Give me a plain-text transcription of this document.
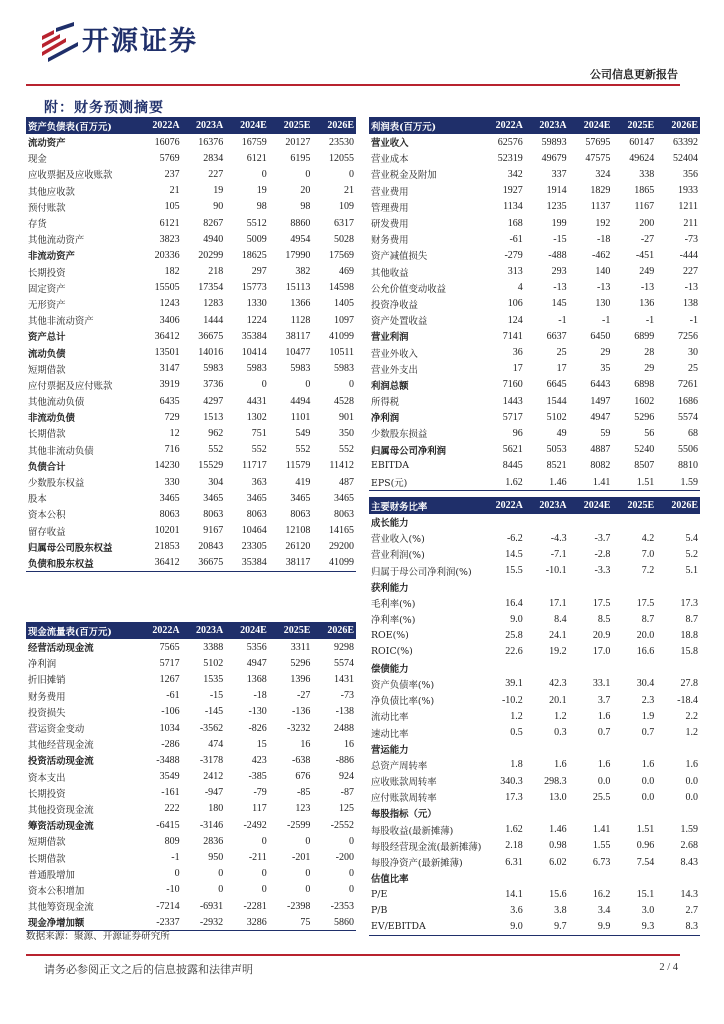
开源证券
公司信息更新报告
附：财务预测摘要
资产负债表(百万元)	2022A	2023A	2024E	2025E	2026E
流动资产	16076	16376	16759	20127	23530
现金	5769	2834	6121	6195	12055
应收票据及应收账款	237	227	0	0	0
其他应收款	21	19	19	20	21
预付账款	105	90	98	98	109
存货	6121	8267	5512	8860	6317
其他流动资产	3823	4940	5009	4954	5028
非流动资产	20336	20299	18625	17990	17569
长期投资	182	218	297	382	469
固定资产	15505	17354	15773	15113	14598
无形资产	1243	1283	1330	1366	1405
其他非流动资产	3406	1444	1224	1128	1097
资产总计	36412	36675	35384	38117	41099
流动负债	13501	14016	10414	10477	10511
短期借款	3147	5983	5983	5983	5983
应付票据及应付账款	3919	3736	0	0	0
其他流动负债	6435	4297	4431	4494	4528
非流动负债	729	1513	1302	1101	901
长期借款	12	962	751	549	350
其他非流动负债	716	552	552	552	552
负债合计	14230	15529	11717	11579	11412
少数股东权益	330	304	363	419	487
股本	3465	3465	3465	3465	3465
资本公积	8063	8063	8063	8063	8063
留存收益	10201	9167	10464	12108	14165
归属母公司股东权益	21853	20843	23305	26120	29200
负债和股东权益	36412	36675	35384	38117	41099
利润表(百万元)	2022A	2023A	2024E	2025E	2026E
营业收入	62576	59893	57695	60147	63392
营业成本	52319	49679	47575	49624	52404
营业税金及附加	342	337	324	338	356
营业费用	1927	1914	1829	1865	1933
管理费用	1134	1235	1137	1167	1211
研发费用	168	199	192	200	211
财务费用	-61	-15	-18	-27	-73
资产减值损失	-279	-488	-462	-451	-444
其他收益	313	293	140	249	227
公允价值变动收益	4	-13	-13	-13	-13
投资净收益	106	145	130	136	138
资产处置收益	124	-1	-1	-1	-1
营业利润	7141	6637	6450	6899	7256
营业外收入	36	25	29	28	30
营业外支出	17	17	35	29	25
利润总额	7160	6645	6443	6898	7261
所得税	1443	1544	1497	1602	1686
净利润	5717	5102	4947	5296	5574
少数股东损益	96	49	59	56	68
归属母公司净利润	5621	5053	4887	5240	5506
EBITDA	8445	8521	8082	8507	8810
EPS(元)	1.62	1.46	1.41	1.51	1.59
现金流量表(百万元)	2022A	2023A	2024E	2025E	2026E
经营活动现金流	7565	3388	5356	3311	9298
净利润	5717	5102	4947	5296	5574
折旧摊销	1267	1535	1368	1396	1431
财务费用	-61	-15	-18	-27	-73
投资损失	-106	-145	-130	-136	-138
营运资金变动	1034	-3562	-826	-3232	2488
其他经营现金流	-286	474	15	16	16
投资活动现金流	-3488	-3178	423	-638	-886
资本支出	3549	2412	-385	676	924
长期投资	-161	-947	-79	-85	-87
其他投资现金流	222	180	117	123	125
筹资活动现金流	-6415	-3146	-2492	-2599	-2552
短期借款	809	2836	0	0	0
长期借款	-1	950	-211	-201	-200
普通股增加	0	0	0	0	0
资本公积增加	-10	0	0	0	0
其他筹资现金流	-7214	-6931	-2281	-2398	-2353
现金净增加额	-2337	-2932	3286	75	5860
主要财务比率	2022A	2023A	2024E	2025E	2026E
成长能力					
营业收入(%)	-6.2	-4.3	-3.7	4.2	5.4
营业利润(%)	14.5	-7.1	-2.8	7.0	5.2
归属于母公司净利润(%)	15.5	-10.1	-3.3	7.2	5.1
获利能力					
毛利率(%)	16.4	17.1	17.5	17.5	17.3
净利率(%)	9.0	8.4	8.5	8.7	8.7
ROE(%)	25.8	24.1	20.9	20.0	18.8
ROIC(%)	22.6	19.2	17.0	16.6	15.8
偿债能力					
资产负债率(%)	39.1	42.3	33.1	30.4	27.8
净负债比率(%)	-10.2	20.1	3.7	2.3	-18.4
流动比率	1.2	1.2	1.6	1.9	2.2
速动比率	0.5	0.3	0.7	0.7	1.2
营运能力					
总资产周转率	1.8	1.6	1.6	1.6	1.6
应收账款周转率	340.3	298.3	0.0	0.0	0.0
应付账款周转率	17.3	13.0	25.5	0.0	0.0
每股指标（元）					
每股收益(最新摊薄)	1.62	1.46	1.41	1.51	1.59
每股经营现金流(最新摊薄)	2.18	0.98	1.55	0.96	2.68
每股净资产(最新摊薄)	6.31	6.02	6.73	7.54	8.43
估值比率					
P/E	14.1	15.6	16.2	15.1	14.3
P/B	3.6	3.8	3.4	3.0	2.7
EV/EBITDA	9.0	9.7	9.9	9.3	8.3
数据来源：聚源、开源证券研究所
请务必参阅正文之后的信息披露和法律声明	2 / 4
